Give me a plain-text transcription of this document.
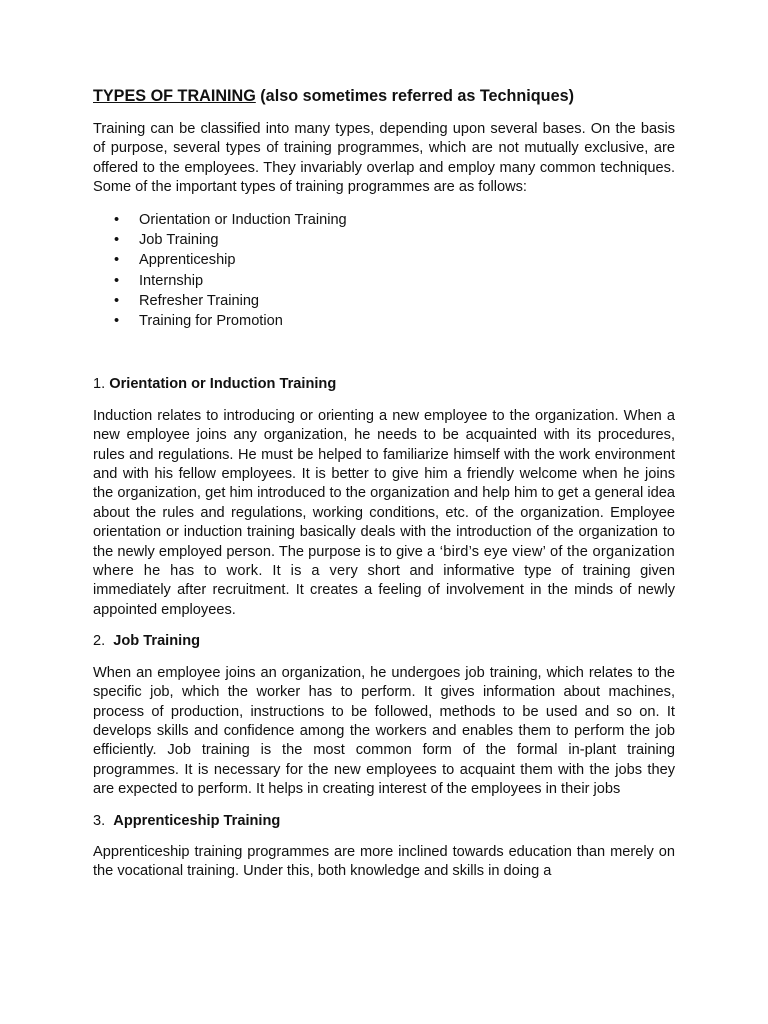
TYPES OF TRAINING (also sometimes referred as Techniques)

Training can be classified into many types, depending upon several bases. On the basis of purpose, several types of training programmes, which are not mutually exclusive, are offered to the employees. They invariably overlap and employ many common techniques. Some of the important types of training programmes are as follows:

• Orientation or Induction Training
• Job Training
• Apprenticeship
• Internship
• Refresher Training
• Training for Promotion
1. Orientation or Induction Training

Induction relates to introducing or orienting a new employee to the organization. When a new employee joins any organization, he needs to be acquainted with its procedures, rules and regulations. He must be helped to familiarize himself with the work environment and with his fellow employees. It is better to give him a friendly welcome when he joins the organization, get him introduced to the organization and help him to get a general idea about the rules and regulations, working conditions, etc. of the organization. Employee orientation or induction training basically deals with the introduction of the organization to the newly employed person. The purpose is to give a ‘bird’s eye view’ of the organization where he has to work. It is a very short and informative type of training given immediately after recruitment. It creates a feeling of involvement in the minds of newly appointed employees.

2. Job Training

When an employee joins an organization, he undergoes job training, which relates to the specific job, which the worker has to perform. It gives information about machines, process of production, instructions to be followed, methods to be used and so on. It develops skills and confidence among the workers and enables them to perform the job efficiently. Job training is the most common form of the formal in-plant training programmes. It is necessary for the new employees to acquaint them with the jobs they are expected to perform. It helps in creating interest of the employees in their jobs

3. Apprenticeship Training

Apprenticeship training programmes are more inclined towards education than merely on the vocational training. Under this, both knowledge and skills in doing a
